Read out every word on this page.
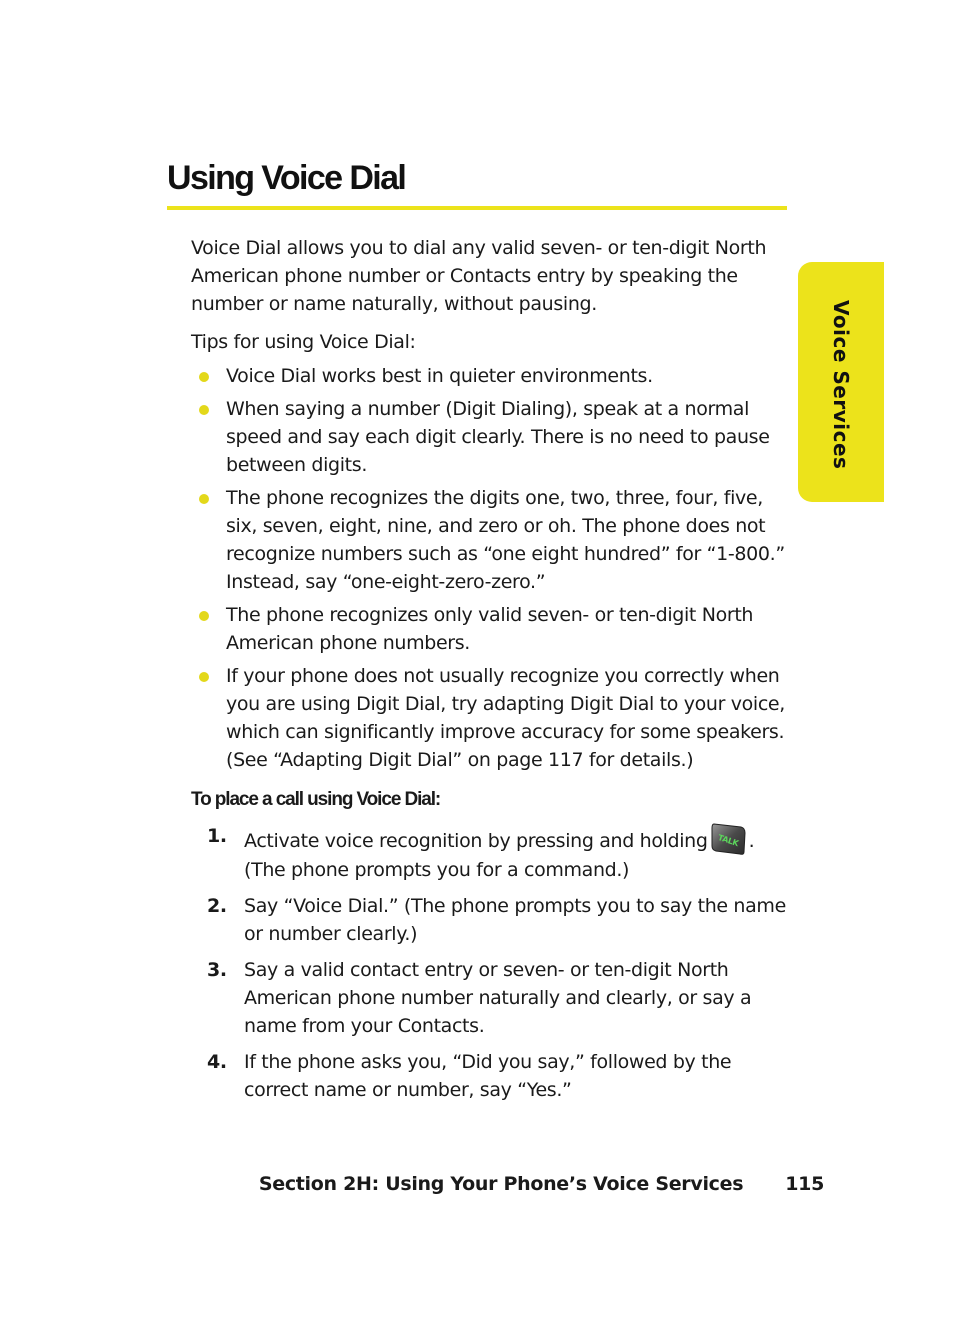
Using Voice Dial
Voice Services

Voice Dial allows you to dial any valid seven- or ten-digit North American phone number or Contacts entry by speaking the number or name naturally, without pausing.

Tips for using Voice Dial:

Voice Dial works best in quieter environments.
When saying a number (Digit Dialing), speak at a normal speed and say each digit clearly. There is no need to pause between digits.
The phone recognizes the digits one, two, three, four, five, six, seven, eight, nine, and zero or oh. The phone does not recognize numbers such as “one eight hundred” for “1-800.” Instead, say “one-eight-zero-zero.”
The phone recognizes only valid seven- or ten-digit North American phone numbers.
If your phone does not usually recognize you correctly when you are using Digit Dial, try adapting Digit Dial to your voice, which can significantly improve accuracy for some speakers. (See “Adapting Digit Dial” on page 117 for details.)

To place a call using Voice Dial:

1. Activate voice recognition by pressing and holding TALK . (The phone prompts you for a command.)
2. Say “Voice Dial.” (The phone prompts you to say the name or number clearly.)
3. Say a valid contact entry or seven- or ten-digit North American phone number naturally and clearly, or say a name from your Contacts.
4. If the phone asks you, “Did you say,” followed by the correct name or number, say “Yes.”
Section 2H: Using Your Phone’s Voice Services 115
